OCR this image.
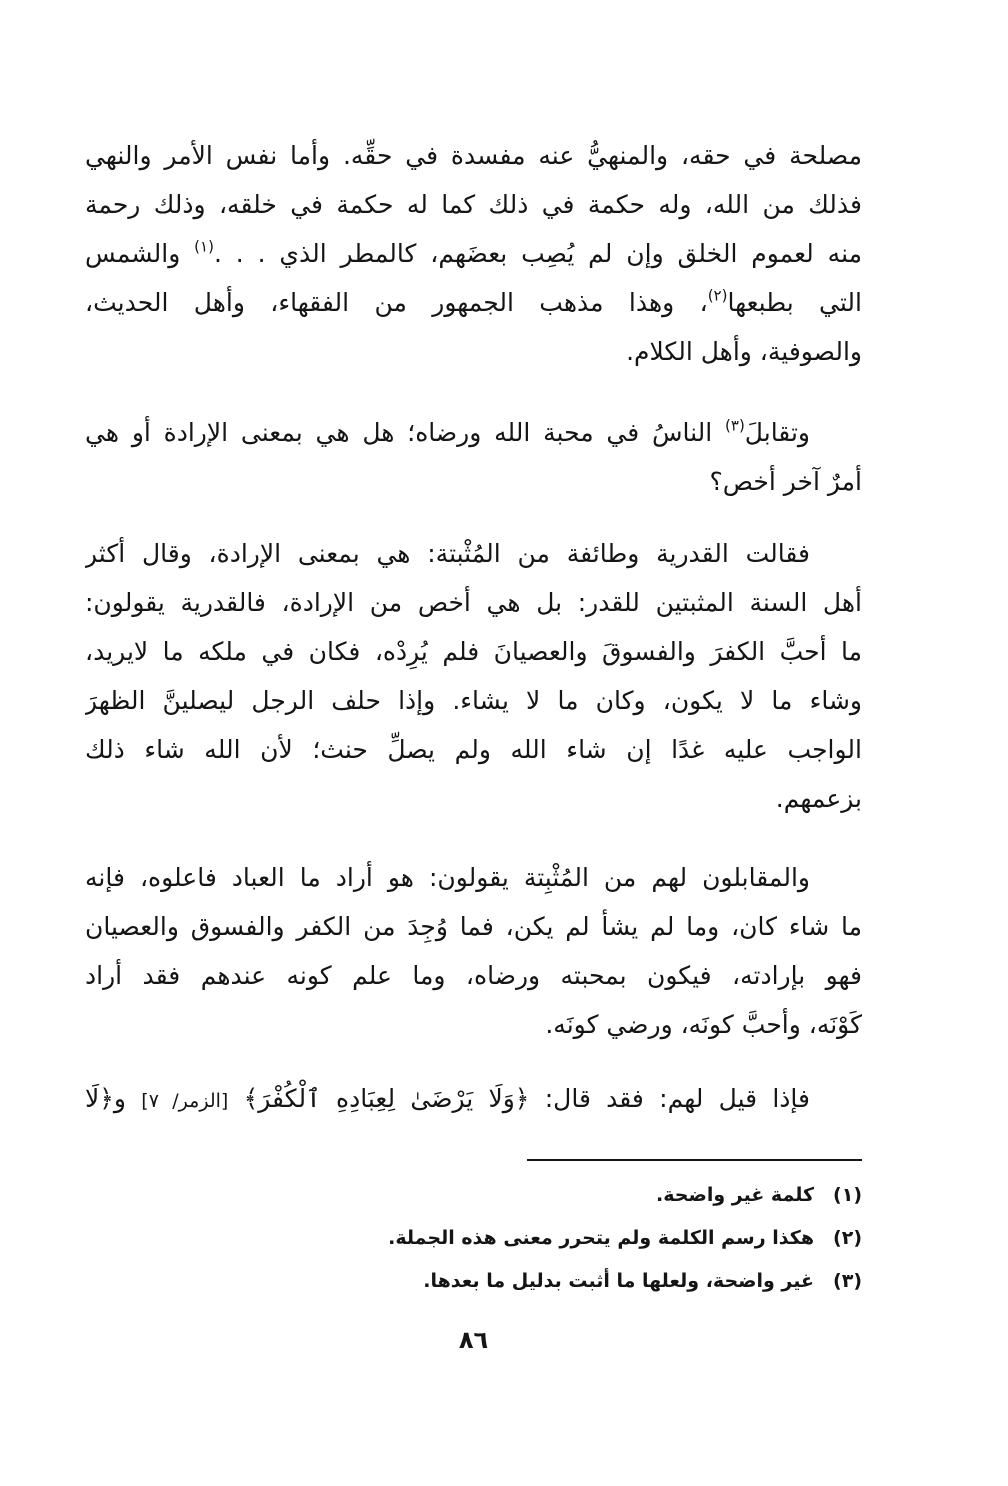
مصلحة في حقه، والمنهيُّ عنه مفسدة في حقِّه. وأما نفس الأمر والنهي
فذلك من الله، وله حكمة في ذلك كما له حكمة في خلقه، وذلك رحمة
منه لعموم الخلق وإن لم يُصِب بعضَهم، كالمطر الذي . . .$^{(١)}$ والشمس
التي بطبعها$^{(٢)}$، وهذا مذهب الجمهور من الفقهاء، وأهل الحديث،
والصوفية، وأهل الكلام.
وتقابلَ$^{(٣)}$ الناسُ في محبة الله ورضاه؛ هل هي بمعنى الإرادة أو هي
أمرٌ آخر أخص؟
فقالت القدرية وطائفة من المُثْبتة: هي بمعنى الإرادة، وقال أكثر
أهل السنة المثبتين للقدر: بل هي أخص من الإرادة، فالقدرية يقولون:
ما أحبَّ الكفرَ والفسوقَ والعصيانَ فلم يُرِدْه، فكان في ملكه ما لايريد،
وشاء ما لا يكون، وكان ما لا يشاء. وإذا حلف الرجل ليصلينَّ الظهرَ
الواجب عليه غدًا إن شاء الله ولم يصلِّ حنث؛ لأن الله شاء ذلك
بزعمهم.
والمقابلون لهم من المُثْبِتة يقولون: هو أراد ما العباد فاعلوه، فإنه
ما شاء كان، وما لم يشأ لم يكن، فما وُجِدَ من الكفر والفسوق والعصيان
فهو بإرادته، فيكون بمحبته ورضاه، وما علم كونه عندهم فقد أراد
كَوْنَه، وأحبَّ كونَه، ورضي كونَه.
فإذا قيل لهم: فقد قال: ﴿وَلَا يَرْضَىٰ لِعِبَادِهِ ٱلْكُفْرَ﴾ [الزمر/ ٧] و﴿لَا
(١)كلمة غير واضحة.
(٢)هكذا رسم الكلمة ولم يتحرر معنى هذه الجملة.
(٣)غير واضحة، ولعلها ما أثبت بدليل ما بعدها.
٨٦
